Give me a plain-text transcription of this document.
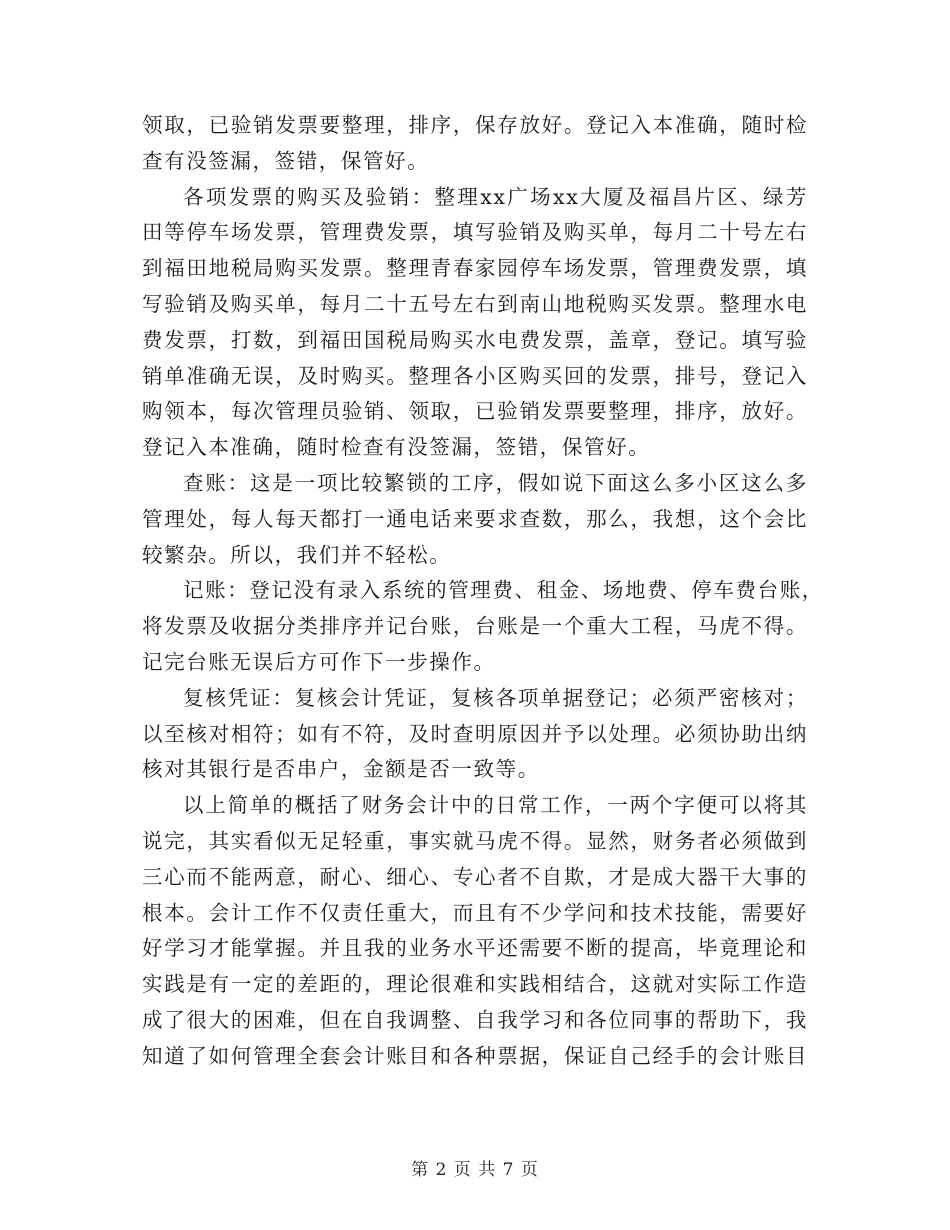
领取，已验销发票要整理，排序，保存放好。登记入本准确，随时检
查有没签漏，签错，保管好。

各项发票的购买及验销：整理xx广场xx大厦及福昌片区、绿芳
田等停车场发票，管理费发票，填写验销及购买单，每月二十号左右
到福田地税局购买发票。整理青春家园停车场发票，管理费发票，填
写验销及购买单，每月二十五号左右到南山地税购买发票。整理水电
费发票，打数，到福田国税局购买水电费发票，盖章，登记。填写验
销单准确无误，及时购买。整理各小区购买回的发票，排号，登记入
购领本，每次管理员验销、领取，已验销发票要整理，排序，放好。
登记入本准确，随时检查有没签漏，签错，保管好。

查账：这是一项比较繁锁的工序，假如说下面这么多小区这么多
管理处，每人每天都打一通电话来要求查数，那么，我想，这个会比
较繁杂。所以，我们并不轻松。

记账：登记没有录入系统的管理费、租金、场地费、停车费台账，
将发票及收据分类排序并记台账，台账是一个重大工程，马虎不得。
记完台账无误后方可作下一步操作。

复核凭证：复核会计凭证，复核各项单据登记；必须严密核对；
以至核对相符；如有不符，及时查明原因并予以处理。必须协助出纳
核对其银行是否串户，金额是否一致等。

以上简单的概括了财务会计中的日常工作，一两个字便可以将其
说完，其实看似无足轻重，事实就马虎不得。显然，财务者必须做到
三心而不能两意，耐心、细心、专心者不自欺，才是成大器干大事的
根本。会计工作不仅责任重大，而且有不少学问和技术技能，需要好
好学习才能掌握。并且我的业务水平还需要不断的提高，毕竟理论和
实践是有一定的差距的，理论很难和实践相结合，这就对实际工作造
成了很大的困难，但在自我调整、自我学习和各位同事的帮助下，我
知道了如何管理全套会计账目和各种票据，保证自己经手的会计账目

第 2 页 共 7 页
